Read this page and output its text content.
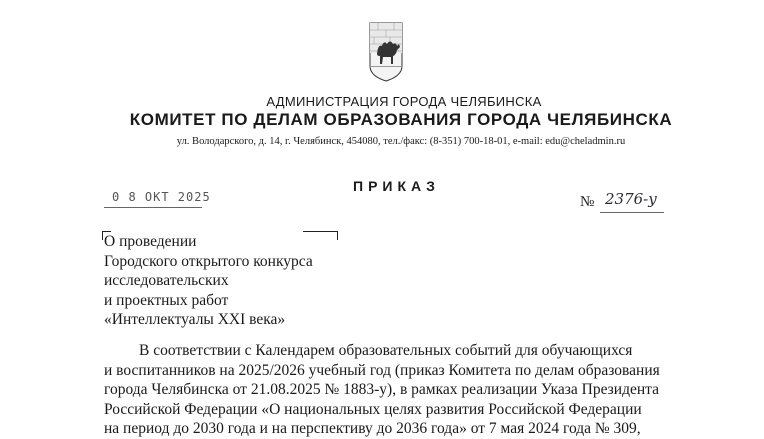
АДМИНИСТРАЦИЯ ГОРОДА ЧЕЛЯБИНСКА
КОМИТЕТ ПО ДЕЛАМ ОБРАЗОВАНИЯ ГОРОДА ЧЕЛЯБИНСКА
ул. Володарского, д. 14, г. Челябинск, 454080, тел./факс: (8-351) 700-18-01, e-mail: edu@cheladmin.ru
ПРИКАЗ
0 8 ОКТ 2025	№ 2376-у
О проведении
Городского открытого конкурса
исследовательских
и проектных работ
«Интеллектуалы XXI века»
В соответствии с Календарем образовательных событий для обучающихся
и воспитанников на 2025/2026 учебный год (приказ Комитета по делам образования
города Челябинска от 21.08.2025 № 1883-у), в рамках реализации Указа Президента
Российской Федерации «О национальных целях развития Российской Федерации
на период до 2030 года и на перспективу до 2036 года» от 7 мая 2024 года № 309,
